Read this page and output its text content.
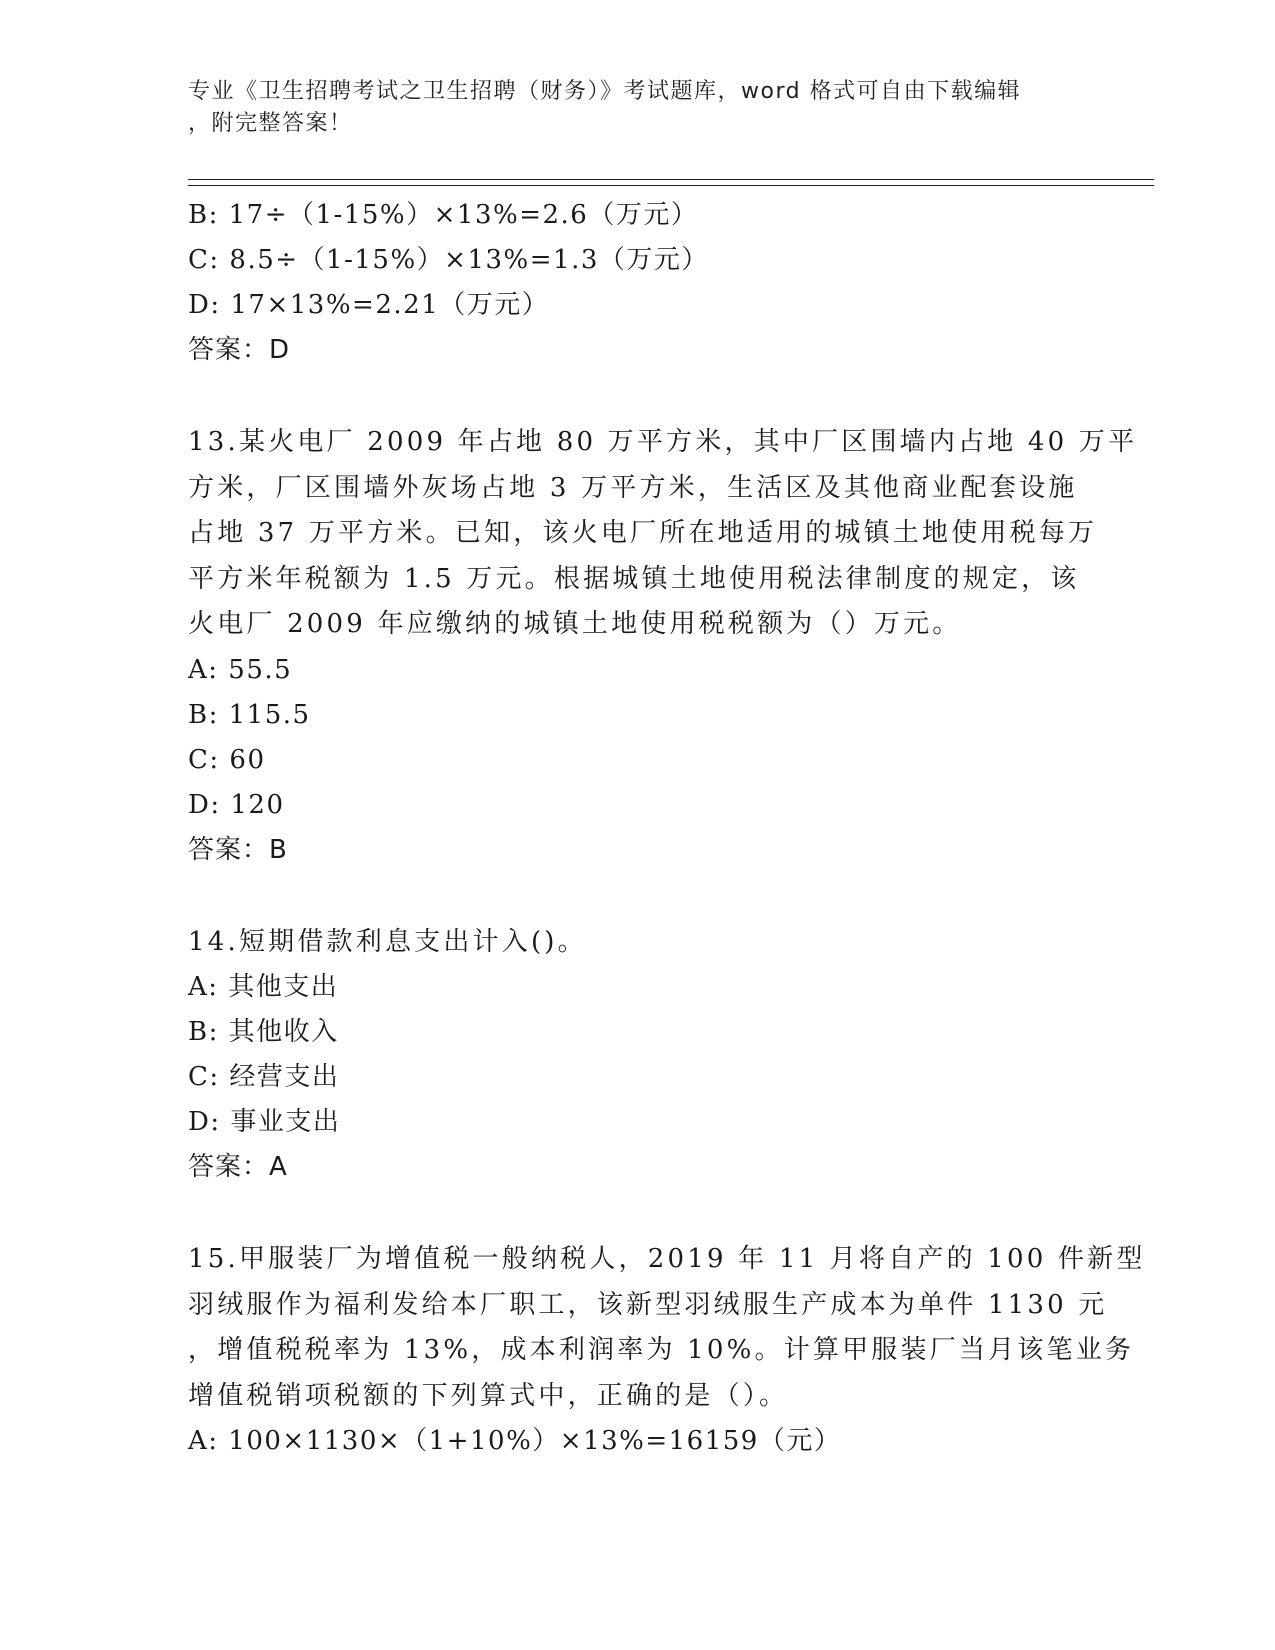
专业《卫生招聘考试之卫生招聘（财务）》考试题库，word 格式可自由下载编辑
，附完整答案！
B: 17÷（1-15%）×13%=2.6（万元）
C: 8.5÷（1-15%）×13%=1.3（万元）
D: 17×13%=2.21（万元）
答案：D
13.某火电厂 2009 年占地 80 万平方米，其中厂区围墙内占地 40 万平
方米，厂区围墙外灰场占地 3 万平方米，生活区及其他商业配套设施
占地 37 万平方米。已知，该火电厂所在地适用的城镇土地使用税每万
平方米年税额为 1.5 万元。根据城镇土地使用税法律制度的规定，该
火电厂 2009 年应缴纳的城镇土地使用税税额为（）万元。
A: 55.5
B: 115.5
C: 60
D: 120
答案：B
14.短期借款利息支出计入()。
A: 其他支出
B: 其他收入
C: 经营支出
D: 事业支出
答案：A
15.甲服装厂为增值税一般纳税人，2019 年 11 月将自产的 100 件新型
羽绒服作为福利发给本厂职工，该新型羽绒服生产成本为单件 1130 元
，增值税税率为 13%，成本利润率为 10%。计算甲服装厂当月该笔业务
增值税销项税额的下列算式中，正确的是（）。
A: 100×1130×（1+10%）×13%=16159（元）
